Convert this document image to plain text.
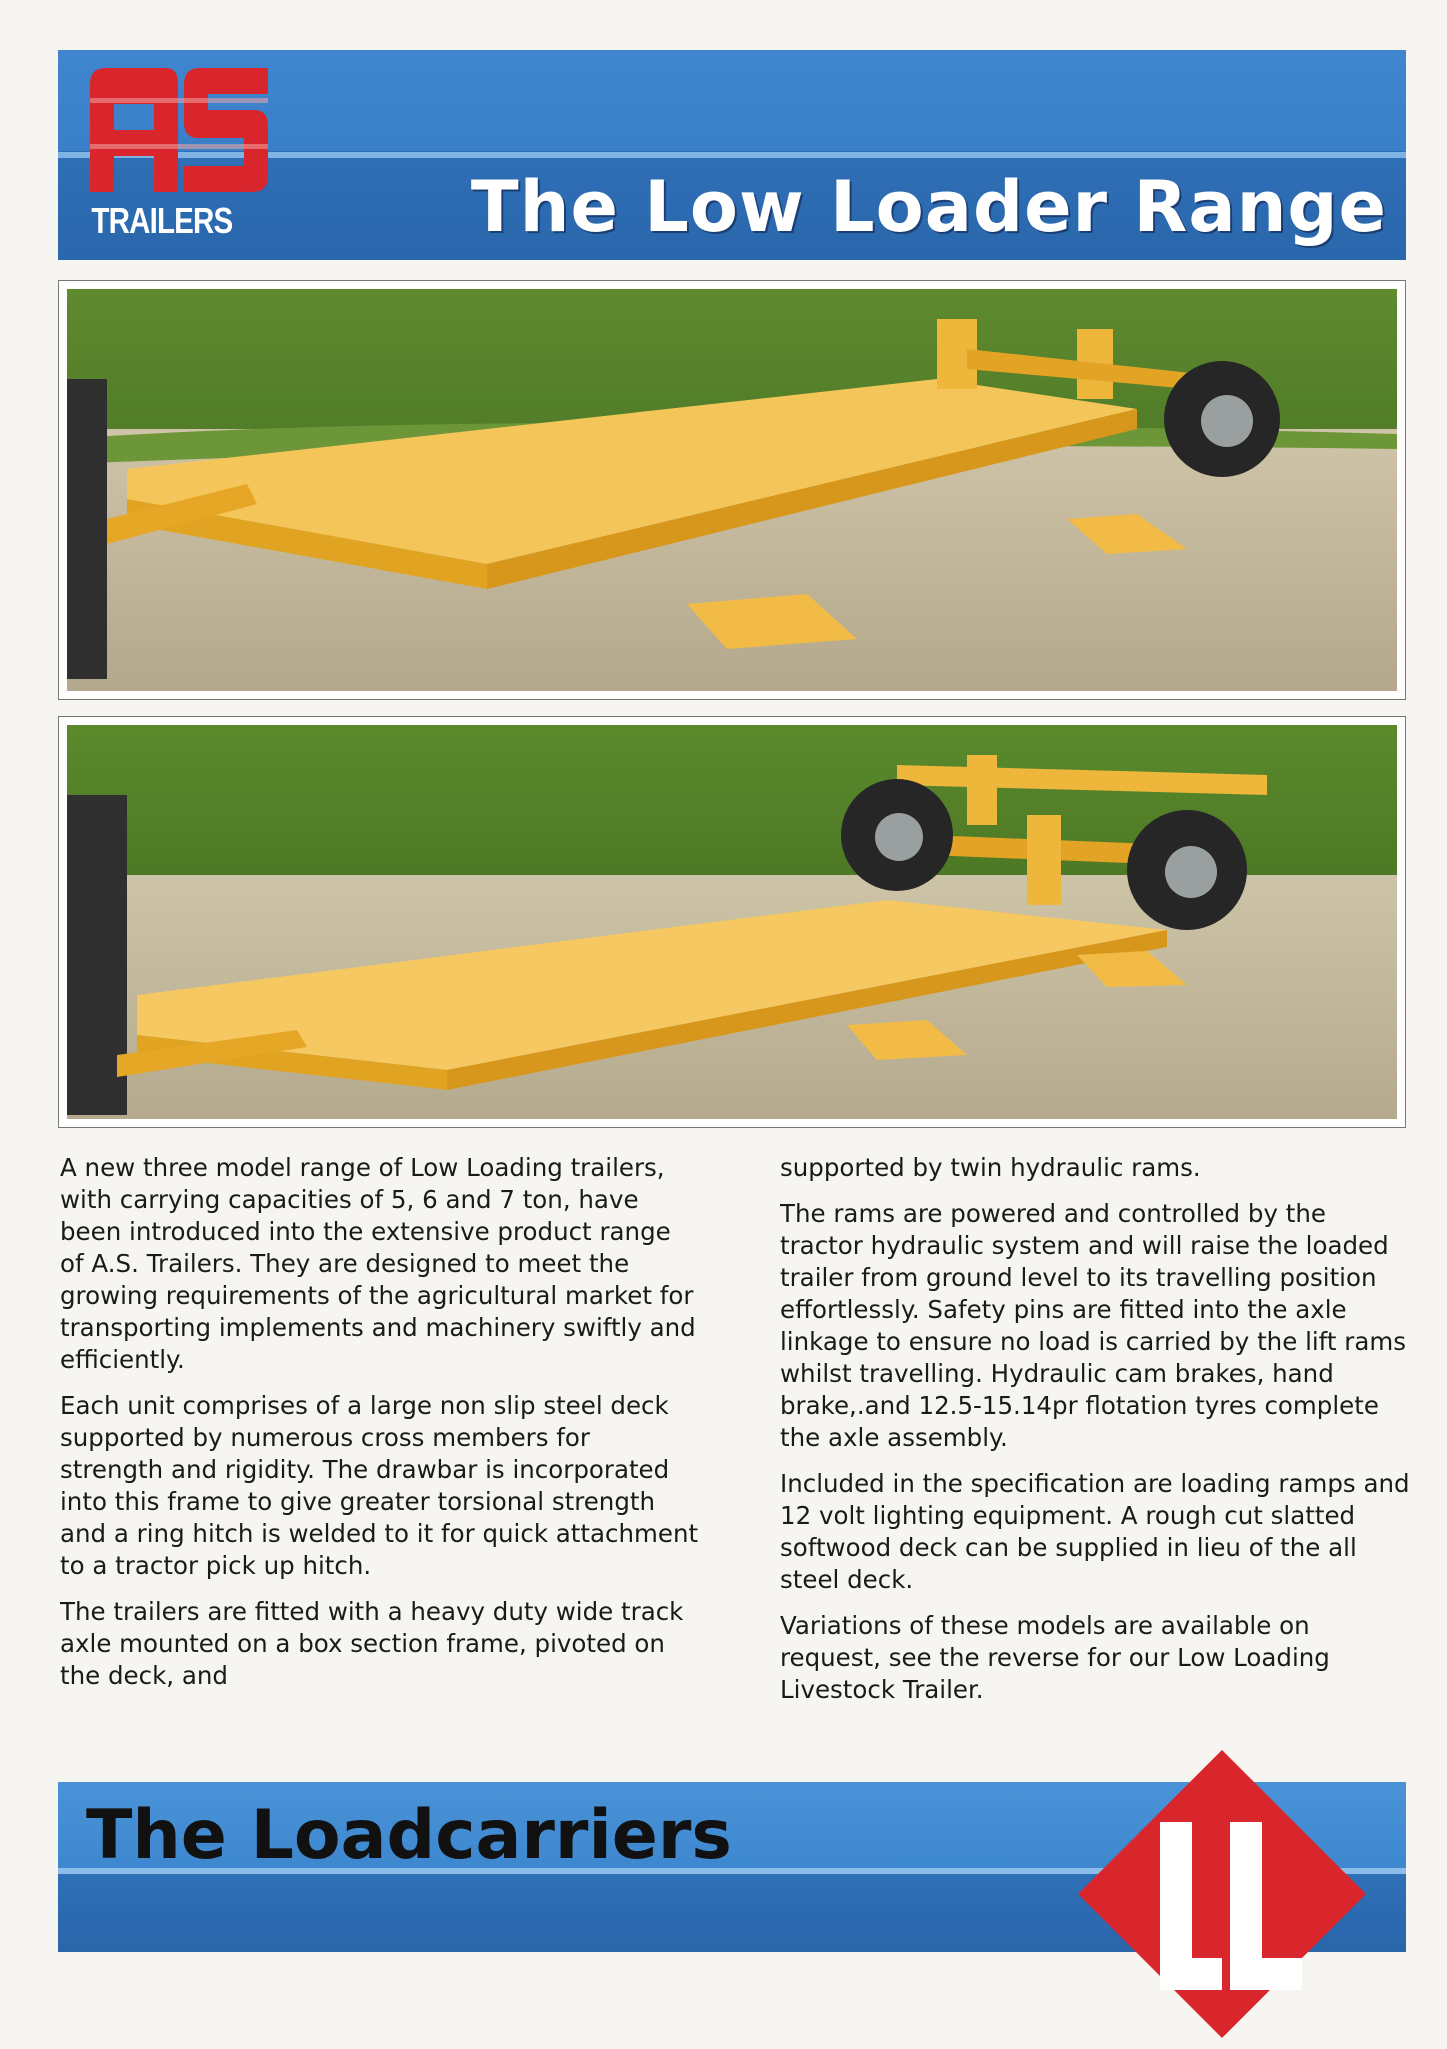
TRAILERS	The Low Loader Range

A new three model range of Low Loading trailers, with carrying capacities of 5, 6 and 7 ton, have been introduced into the extensive product range of A.S. Trailers. They are designed to meet the growing requirements of the agricultural market for transporting implements and machinery swiftly and efficiently.

Each unit comprises of a large non slip steel deck supported by numerous cross members for strength and rigidity. The drawbar is incorporated into this frame to give greater torsional strength and a ring hitch is welded to it for quick attachment to a tractor pick up hitch.

The trailers are fitted with a heavy duty wide track axle mounted on a box section frame, pivoted on the deck, and

supported by twin hydraulic rams.

The rams are powered and controlled by the tractor hydraulic system and will raise the loaded trailer from ground level to its travelling position effortlessly. Safety pins are fitted into the axle linkage to ensure no load is carried by the lift rams whilst travelling. Hydraulic cam brakes, hand brake,.and 12.5-15.14pr flotation tyres complete the axle assembly.

Included in the specification are loading ramps and 12 volt lighting equipment. A rough cut slatted softwood deck can be supplied in lieu of the all steel deck.

Variations of these models are available on request, see the reverse for our Low Loading Livestock Trailer.

The Loadcarriers
